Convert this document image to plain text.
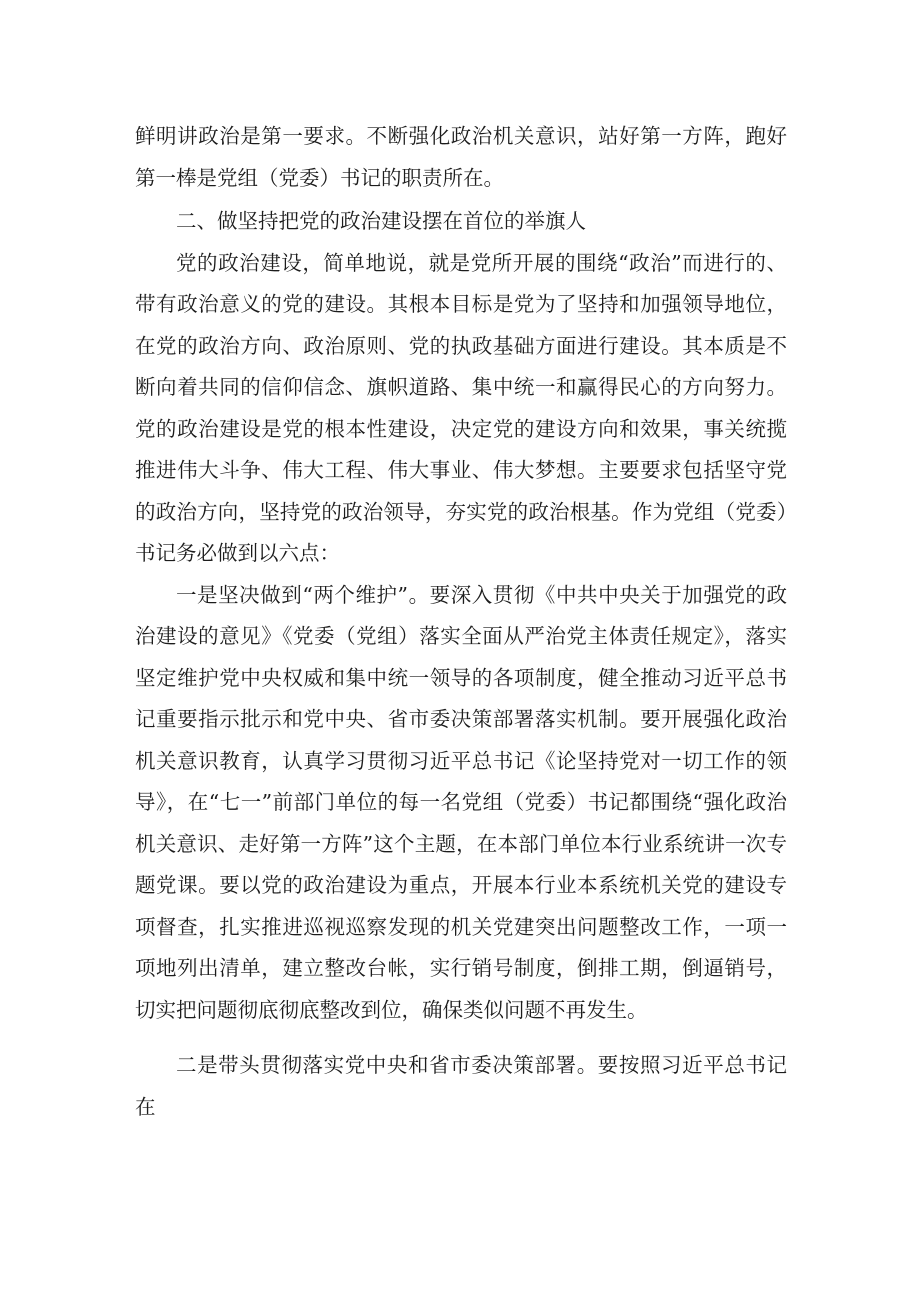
鲜明讲政治是第一要求。不断强化政治机关意识，站好第一方阵，跑好第一棒是党组（党委）书记的职责所在。

二、做坚持把党的政治建设摆在首位的举旗人

党的政治建设，简单地说，就是党所开展的围绕“政治”而进行的、带有政治意义的党的建设。其根本目标是党为了坚持和加强领导地位，在党的政治方向、政治原则、党的执政基础方面进行建设。其本质是不断向着共同的信仰信念、旗帜道路、集中统一和赢得民心的方向努力。党的政治建设是党的根本性建设，决定党的建设方向和效果，事关统揽推进伟大斗争、伟大工程、伟大事业、伟大梦想。主要要求包括坚守党的政治方向，坚持党的政治领导，夯实党的政治根基。作为党组（党委）书记务必做到以六点：

一是坚决做到“两个维护”。要深入贯彻《中共中央关于加强党的政治建设的意见》《党委（党组）落实全面从严治党主体责任规定》，落实坚定维护党中央权威和集中统一领导的各项制度，健全推动习近平总书记重要指示批示和党中央、省市委决策部署落实机制。要开展强化政治机关意识教育，认真学习贯彻习近平总书记《论坚持党对一切工作的领导》，在“七一”前部门单位的每一名党组（党委）书记都围绕“强化政治机关意识、走好第一方阵”这个主题，在本部门单位本行业系统讲一次专题党课。要以党的政治建设为重点，开展本行业本系统机关党的建设专项督查，扎实推进巡视巡察发现的机关党建突出问题整改工作，一项一项地列出清单，建立整改台帐，实行销号制度，倒排工期，倒逼销号，切实把问题彻底彻底整改到位，确保类似问题不再发生。

二是带头贯彻落实党中央和省市委决策部署。要按照习近平总书记在
